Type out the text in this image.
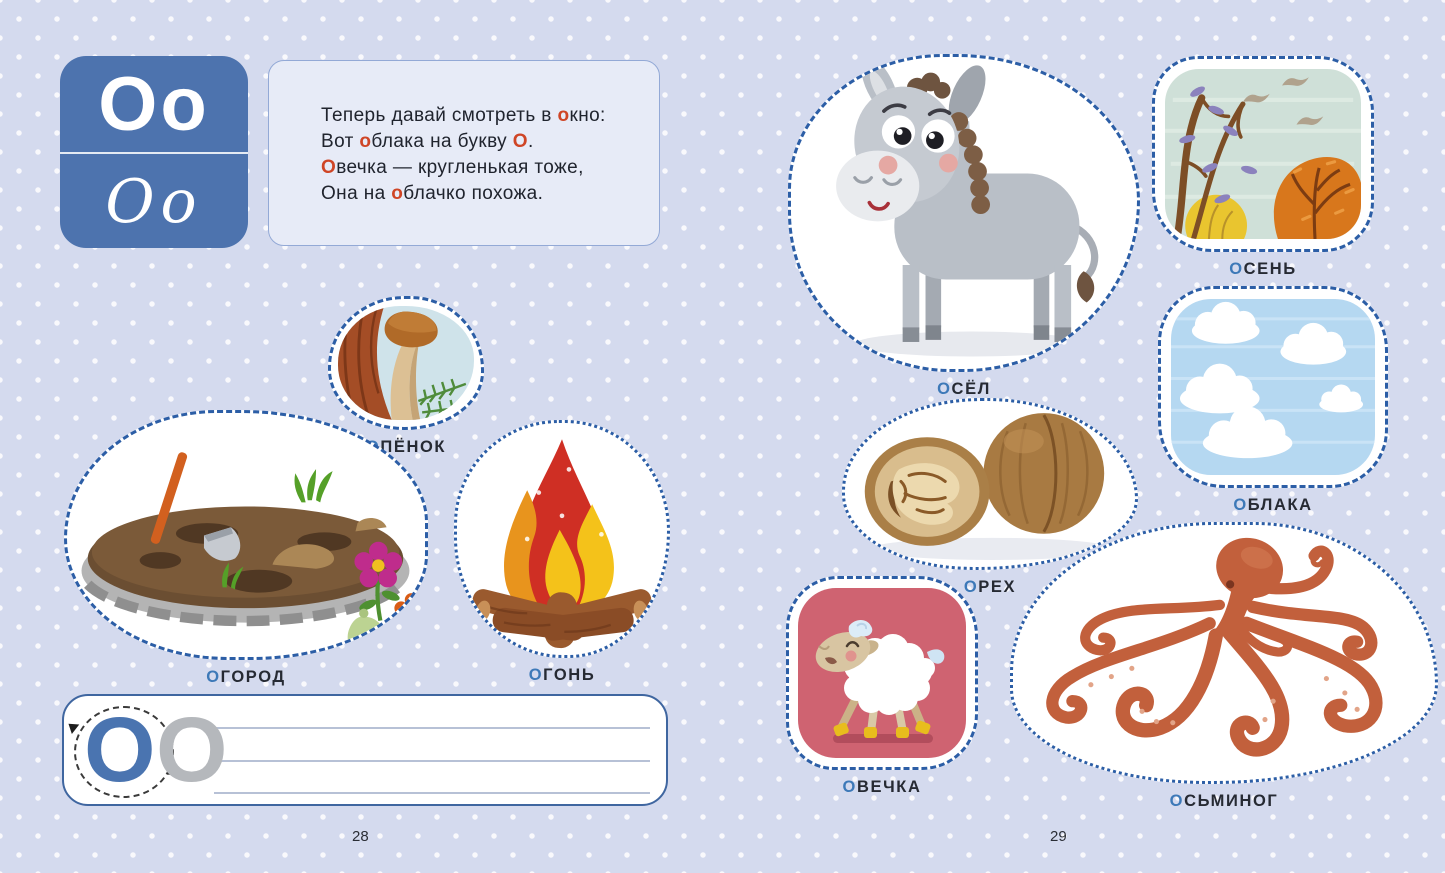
Оо
Оо
Теперь давай смотреть в окно:
Вот облака на букву О.
Овечка — кругленькая тоже,
Она на облачко похожа.
ПЁНОК
ОГОРОД	ОГОНЬ
О О
28
ОСЁЛ
ОСЕНЬ
ОБЛАКА
ОРЕХ
ОВЕЧКА
ОСЬМИНОГ
29
